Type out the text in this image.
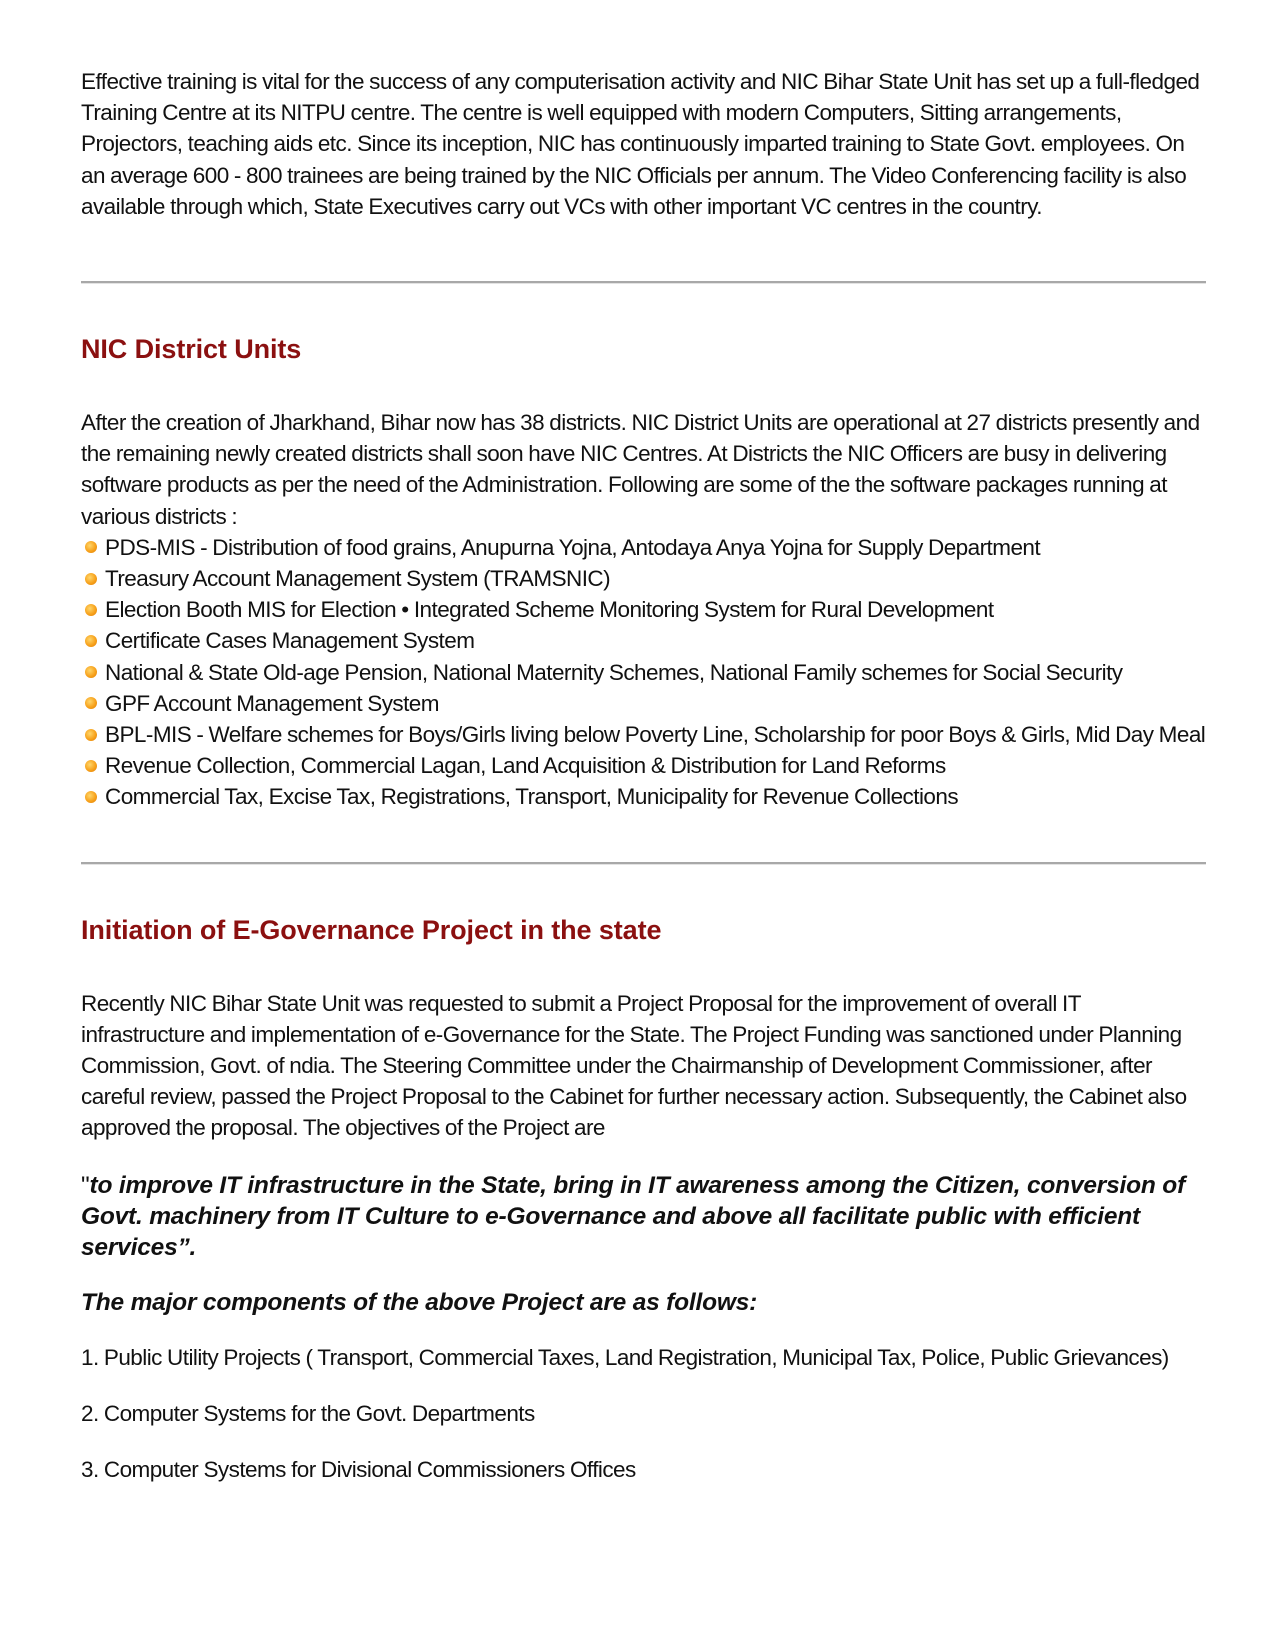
Effective training is vital for the success of any computerisation activity and NIC Bihar State Unit has set up a full-fledged Training Centre at its NITPU centre. The centre is well equipped with modern Computers, Sitting arrangements, Projectors, teaching aids etc. Since its inception, NIC has continuously imparted training to State Govt. employees. On an average 600 - 800 trainees are being trained by the NIC Officials per annum. The Video Conferencing facility is also available through which, State Executives carry out VCs with other important VC centres in the country.

NIC District Units

After the creation of Jharkhand, Bihar now has 38 districts. NIC District Units are operational at 27 districts presently and the remaining newly created districts shall soon have NIC Centres. At Districts the NIC Officers are busy in delivering software products as per the need of the Administration. Following are some of the the software packages running at various districts :

PDS-MIS - Distribution of food grains, Anupurna Yojna, Antodaya Anya Yojna for Supply Department
Treasury Account Management System (TRAMSNIC)
Election Booth MIS for Election • Integrated Scheme Monitoring System for Rural Development
Certificate Cases Management System
National & State Old-age Pension, National Maternity Schemes, National Family schemes for Social Security
GPF Account Management System
BPL-MIS - Welfare schemes for Boys/Girls living below Poverty Line, Scholarship for poor Boys & Girls, Mid Day Meal
Revenue Collection, Commercial Lagan, Land Acquisition & Distribution for Land Reforms
Commercial Tax, Excise Tax, Registrations, Transport, Municipality for Revenue Collections
Initiation of E-Governance Project in the state

Recently NIC Bihar State Unit was requested to submit a Project Proposal for the improvement of overall IT infrastructure and implementation of e-Governance for the State. The Project Funding was sanctioned under Planning Commission, Govt. of ndia. The Steering Committee under the Chairmanship of Development Commissioner, after careful review, passed the Project Proposal to the Cabinet for further necessary action. Subsequently, the Cabinet also approved the proposal. The objectives of the Project are

"to improve IT infrastructure in the State, bring in IT awareness among the Citizen, conversion of Govt. machinery from IT Culture to e-Governance and above all facilitate public with efficient services”.
The major components of the above Project are as follows:
1. Public Utility Projects ( Transport, Commercial Taxes, Land Registration, Municipal Tax, Police, Public Grievances)
2. Computer Systems for the Govt. Departments
3. Computer Systems for Divisional Commissioners Offices
